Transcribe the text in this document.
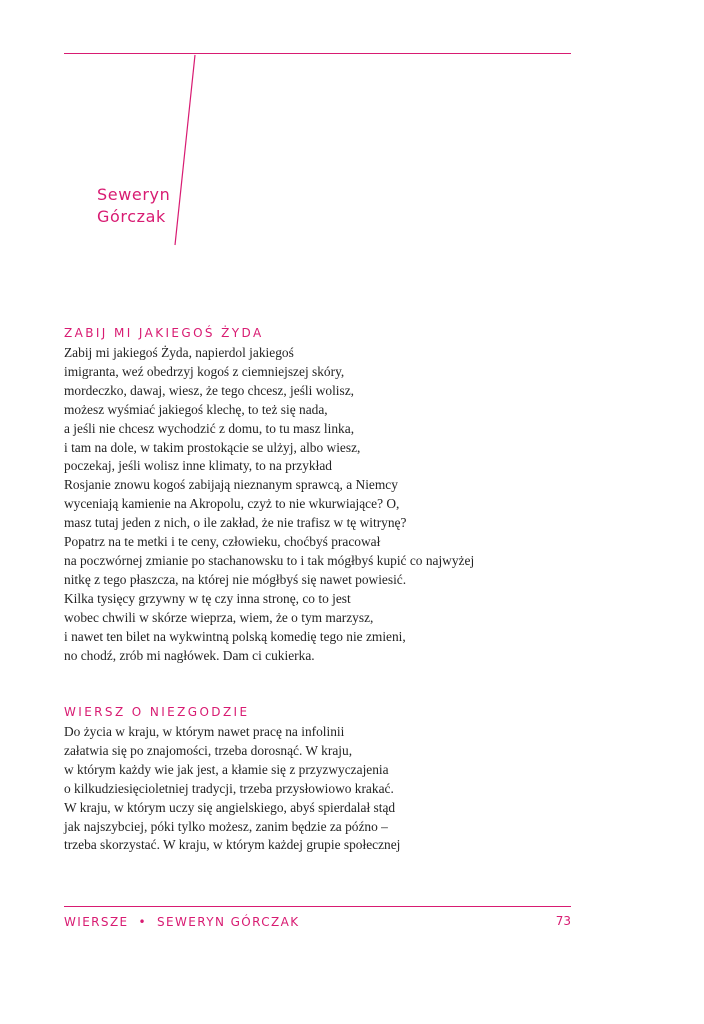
Seweryn
Górczak
ZABIJ MI JAKIEGOŚ ŻYDA
Zabij mi jakiegoś Żyda, napierdol jakiegoś
imigranta, weź obedrzyj kogoś z ciemniejszej skóry,
mordeczko, dawaj, wiesz, że tego chcesz, jeśli wolisz,
możesz wyśmiać jakiegoś klechę, to też się nada,
a jeśli nie chcesz wychodzić z domu, to tu masz linka,
i tam na dole, w takim prostokącie se ulżyj, albo wiesz,
poczekaj, jeśli wolisz inne klimaty, to na przykład
Rosjanie znowu kogoś zabijają nieznanym sprawcą, a Niemcy
wyceniają kamienie na Akropolu, czyż to nie wkurwiające? O,
masz tutaj jeden z nich, o ile zakład, że nie trafisz w tę witrynę?
Popatrz na te metki i te ceny, człowieku, choćbyś pracował
na poczwórnej zmianie po stachanowsku to i tak mógłbyś kupić co najwyżej
nitkę z tego płaszcza, na której nie mógłbyś się nawet powiesić.
Kilka tysięcy grzywny w tę czy inna stronę, co to jest
wobec chwili w skórze wieprza, wiem, że o tym marzysz,
i nawet ten bilet na wykwintną polską komedię tego nie zmieni,
no chodź, zrób mi nagłówek. Dam ci cukierka.
WIERSZ O NIEZGODZIE
Do życia w kraju, w którym nawet pracę na infolinii
załatwia się po znajomości, trzeba dorosnąć. W kraju,
w którym każdy wie jak jest, a kłamie się z przyzwyczajenia
o kilkudziesięcioletniej tradycji, trzeba przysłowiowo krakać.
W kraju, w którym uczy się angielskiego, abyś spierdalał stąd
jak najszybciej, póki tylko możesz, zanim będzie za późno –
trzeba skorzystać. W kraju, w którym każdej grupie społecznej
WIERSZE • SEWERYN GÓRCZAK	73
